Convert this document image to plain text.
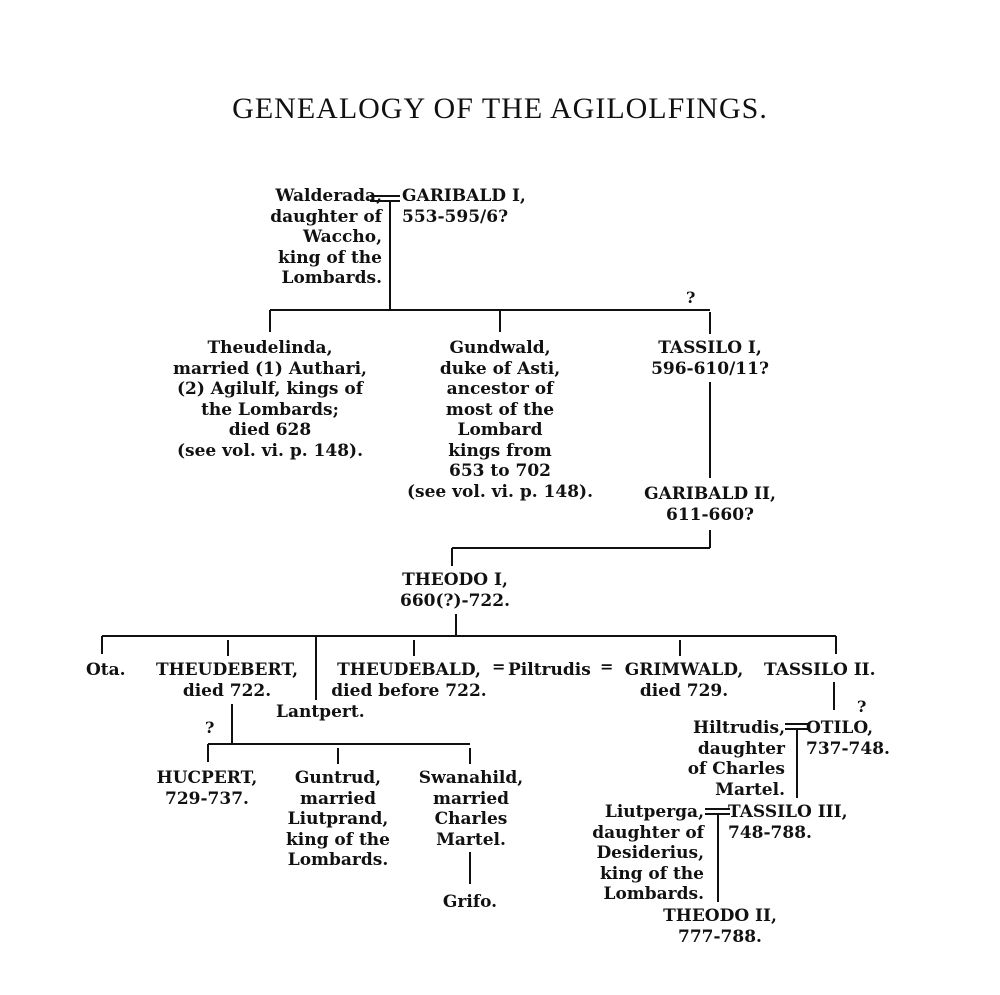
GENEALOGY OF THE AGILOLFINGS.
?
?
?
=	=
Walderada,
daughter of
Waccho,
king of the
Lombards.
GARIBALD I,
553-595/6?
Theudelinda,
married (1) Authari,
(2) Agilulf, kings of
the Lombards;
died 628
(see vol. vi. p. 148).
Gundwald,
duke of Asti,
ancestor of
most of the
Lombard
kings from
653 to 702
(see vol. vi. p. 148).
TASSILO I,
596-610/11?
GARIBALD II,
611-660?
THEODO I,
660(?)-722.
Ota.	THEUDEBERT,
died 722.
Lantpert.
THEUDEBALD,
died before 722.
Piltrudis	GRIMWALD,
died 729.
TASSILO II.
HUCPERT,
729-737.
Guntrud,
married
Liutprand,
king of the
Lombards.
Swanahild,
married
Charles
Martel.
Grifo.
Hiltrudis,
daughter
of Charles
Martel.
OTILO,
737-748.
Liutperga,
daughter of
Desiderius,
king of the
Lombards.
TASSILO III,
748-788.
THEODO II,
777-788.
